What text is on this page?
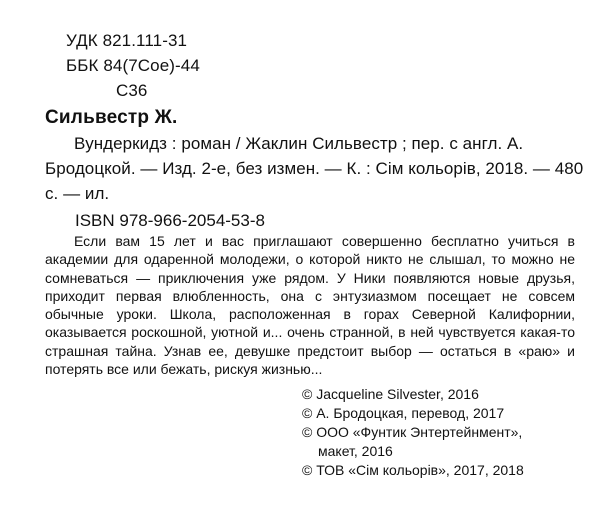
УДК 821.111-31
ББК 84(7Сое)-44
С36
Сильвестр Ж.
Вундеркидз : роман / Жаклин Сильвестр ; пер. с англ. А. Бродоцкой. — Изд. 2-е, без измен. — К. : Сім кольорів, 2018. — 480 с. — ил.
ISBN 978-966-2054-53-8
Если вам 15 лет и вас приглашают совершенно бесплатно учиться в академии для одаренной молодежи, о которой никто не слышал, то можно не сомневаться — приключения уже рядом. У Ники появляются новые друзья, приходит первая влюбленность, она с энтузиазмом посещает не совсем обычные уроки. Школа, расположенная в горах Северной Калифорнии, оказывается роскошной, уютной и... очень странной, в ней чувствуется какая-то страшная тайна. Узнав ее, девушке предстоит выбор — остаться в «раю» и потерять все или бежать, рискуя жизнью...
© Jacqueline Silvester, 2016
© А. Бродоцкая, перевод, 2017
© ООО «Фунтик Энтертейнмент»,
макет, 2016
© ТОВ «Сім кольорів», 2017, 2018
